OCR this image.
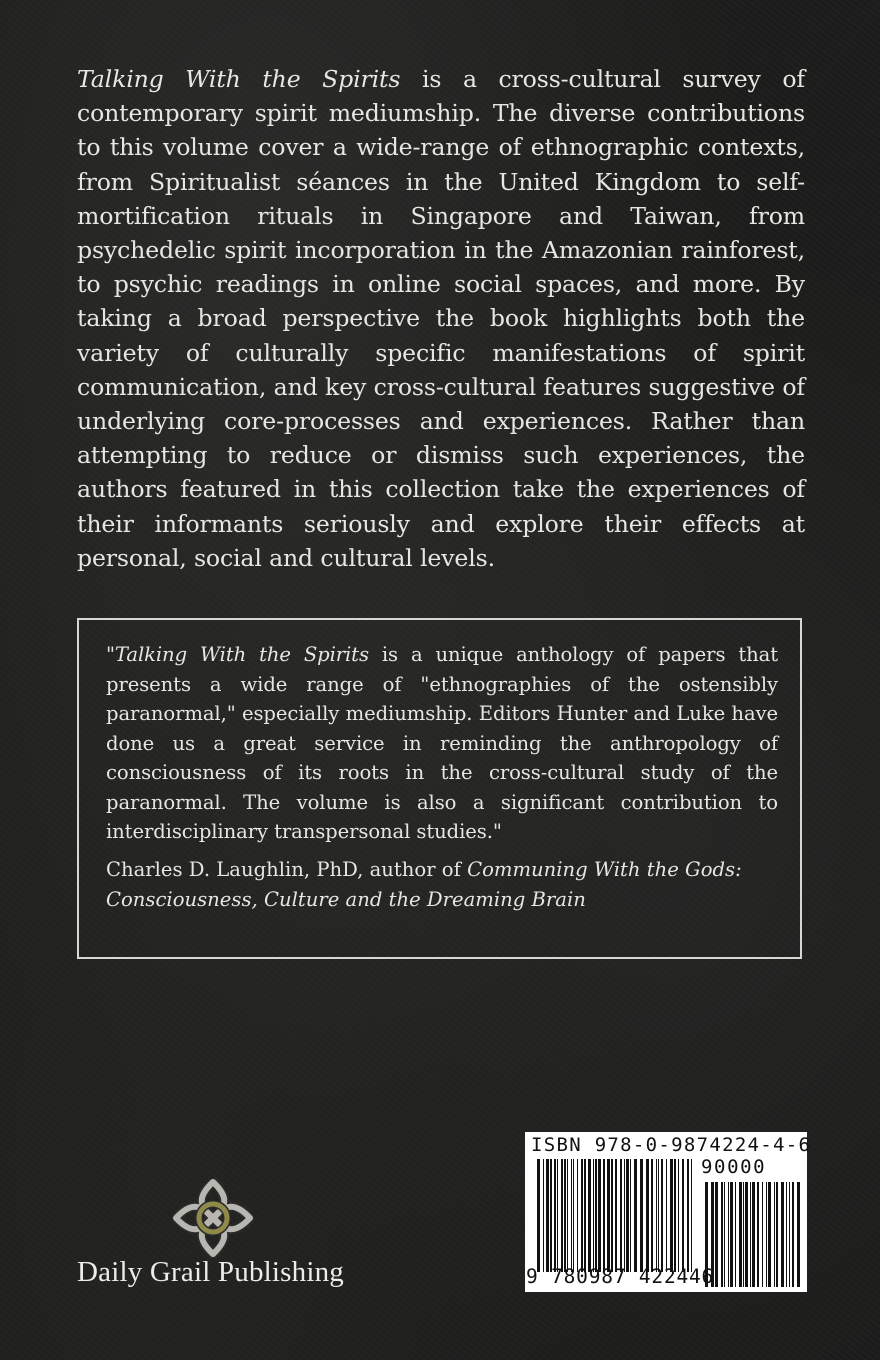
Talking With the Spirits is a cross-cultural survey of contemporary spirit mediumship. The diverse contributions to this volume cover a wide-range of ethnographic contexts, from Spiritualist séances in the United Kingdom to self-mortification rituals in Singapore and Taiwan, from psychedelic spirit incorporation in the Amazonian rainforest, to psychic readings in online social spaces, and more. By taking a broad perspective the book highlights both the variety of culturally specific manifestations of spirit communication, and key cross-cultural features suggestive of underlying core-processes and experiences. Rather than attempting to reduce or dismiss such experiences, the authors featured in this collection take the experiences of their informants seriously and explore their effects at personal, social and cultural levels.
"Talking With the Spirits is a unique anthology of papers that presents a wide range of "ethnographies of the ostensibly paranormal," especially mediumship. Editors Hunter and Luke have done us a great service in reminding the anthropology of consciousness of its roots in the cross-cultural study of the paranormal. The volume is also a significant contribution to interdisciplinary transpersonal studies."
Charles D. Laughlin, PhD, author of Communing With the Gods: Consciousness, Culture and the Dreaming Brain
Daily Grail Publishing
ISBN 978-0-9874224-4-6
90000
9 780987 422446
